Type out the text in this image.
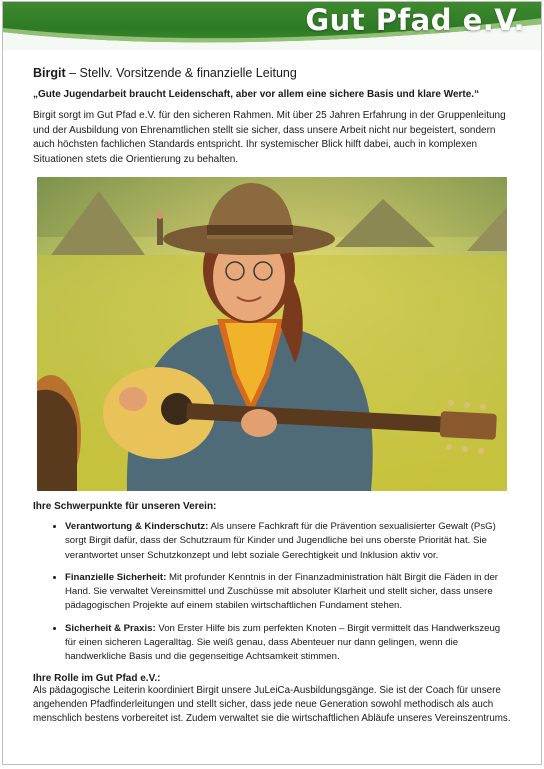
Gut Pfad e.V.
Birgit – Stellv. Vorsitzende & finanzielle Leitung

„Gute Jugendarbeit braucht Leidenschaft, aber vor allem eine sichere Basis und klare Werte.“

Birgit sorgt im Gut Pfad e.V. für den sicheren Rahmen. Mit über 25 Jahren Erfahrung in der Gruppenleitung und der Ausbildung von Ehrenamtlichen stellt sie sicher, dass unsere Arbeit nicht nur begeistert, sondern auch höchsten fachlichen Standards entspricht. Ihr systemischer Blick hilft dabei, auch in komplexen Situationen stets die Orientierung zu behalten.

Ihre Schwerpunkte für unseren Verein:
• Verantwortung & Kinderschutz: Als unsere Fachkraft für die Prävention sexualisierter Gewalt (PsG) sorgt Birgit dafür, dass der Schutzraum für Kinder und Jugendliche bei uns oberste Priorität hat. Sie verantwortet unser Schutzkonzept und lebt soziale Gerechtigkeit und Inklusion aktiv vor.
• Finanzielle Sicherheit: Mit profunder Kenntnis in der Finanzadministration hält Birgit die Fäden in der Hand. Sie verwaltet Vereinsmittel und Zuschüsse mit absoluter Klarheit und stellt sicher, dass unsere pädagogischen Projekte auf einem stabilen wirtschaftlichen Fundament stehen.
• Sicherheit & Praxis: Von Erster Hilfe bis zum perfekten Knoten – Birgit vermittelt das Handwerkszeug für einen sicheren Lageralltag. Sie weiß genau, dass Abenteuer nur dann gelingen, wenn die handwerkliche Basis und die gegenseitige Achtsamkeit stimmen.
Ihre Rolle im Gut Pfad e.V.:

Als pädagogische Leiterin koordiniert Birgit unsere JuLeiCa-Ausbildungsgänge. Sie ist der Coach für unsere angehenden Pfadfinderleitungen und stellt sicher, dass jede neue Generation sowohl methodisch als auch menschlich bestens vorbereitet ist. Zudem verwaltet sie die wirtschaftlichen Abläufe unseres Vereinszentrums.
